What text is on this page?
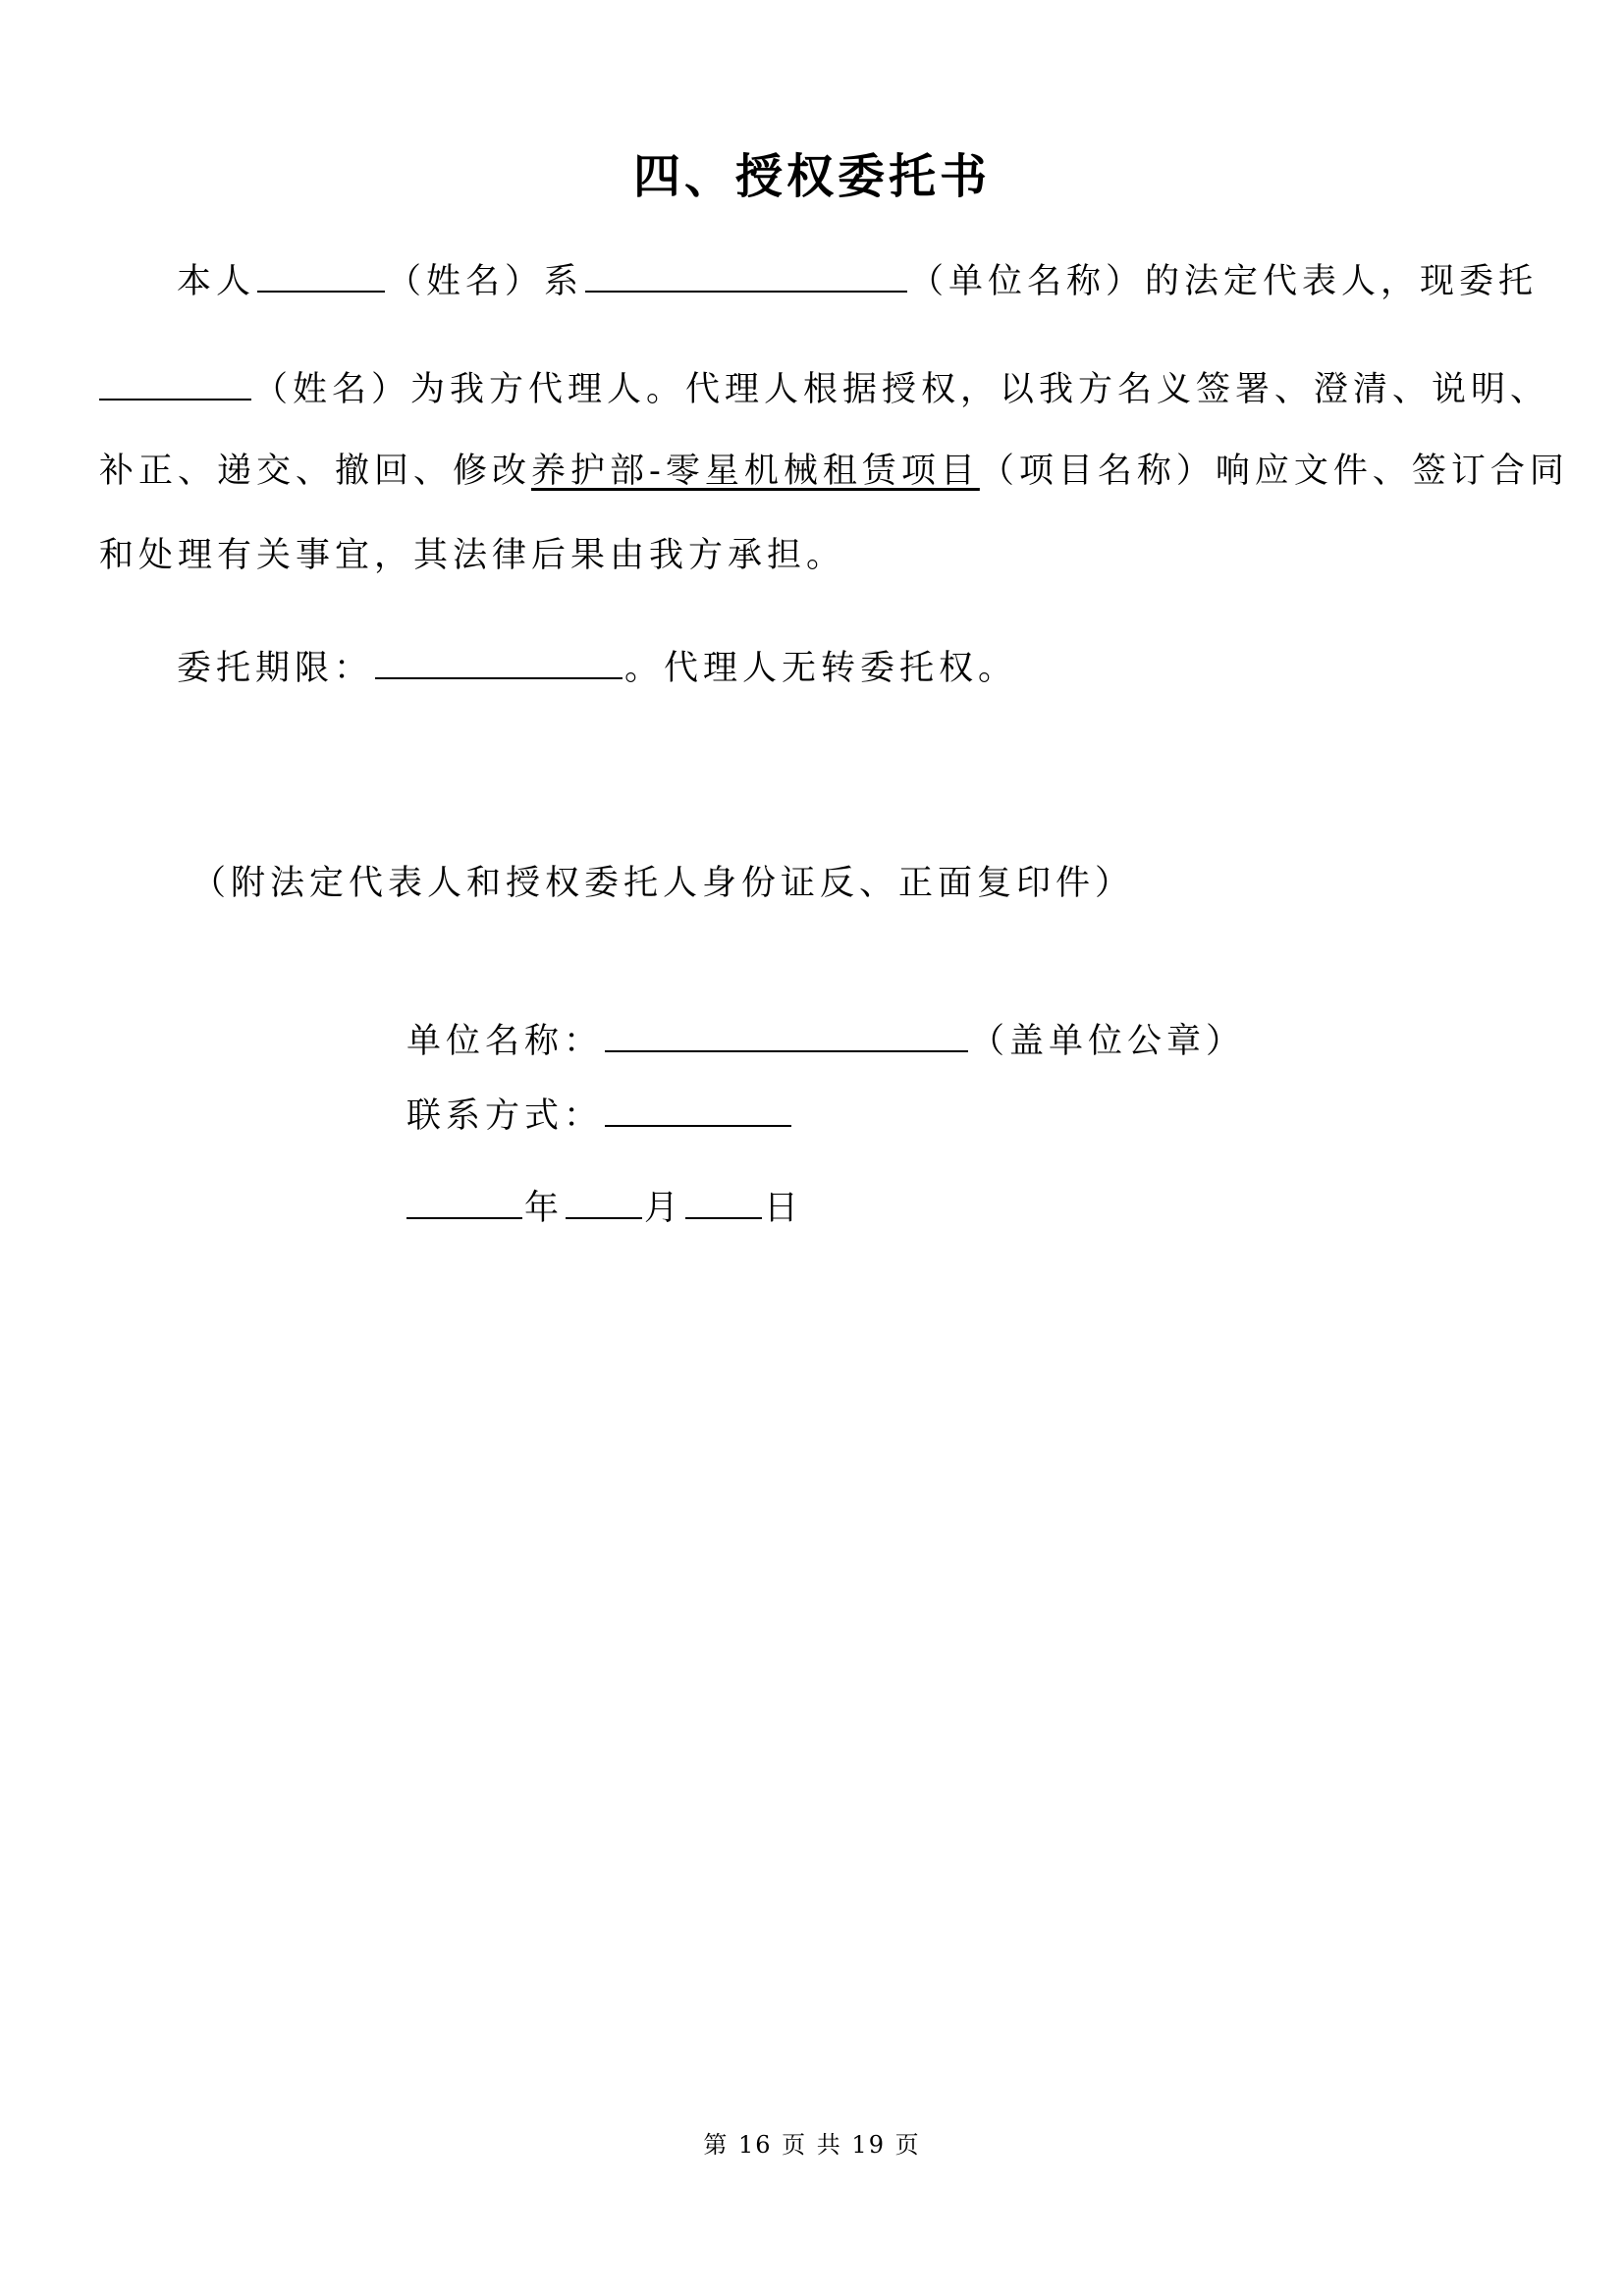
四、授权委托书
本人	（姓名）系	（单位名称）的法定代表人，现委托
（姓名）为我方代理人。代理人根据授权，以我方名义签署、澄清、说明、
补正、递交、撤回、修改养护部-零星机械租赁项目（项目名称）响应文件、签订合同
和处理有关事宜，其法律后果由我方承担。
委托期限：	。代理人无转委托权。
（附法定代表人和授权委托人身份证反、正面复印件）
单位名称：	（盖单位公章）
联系方式：
年 月 日
第 16 页 共 19 页
